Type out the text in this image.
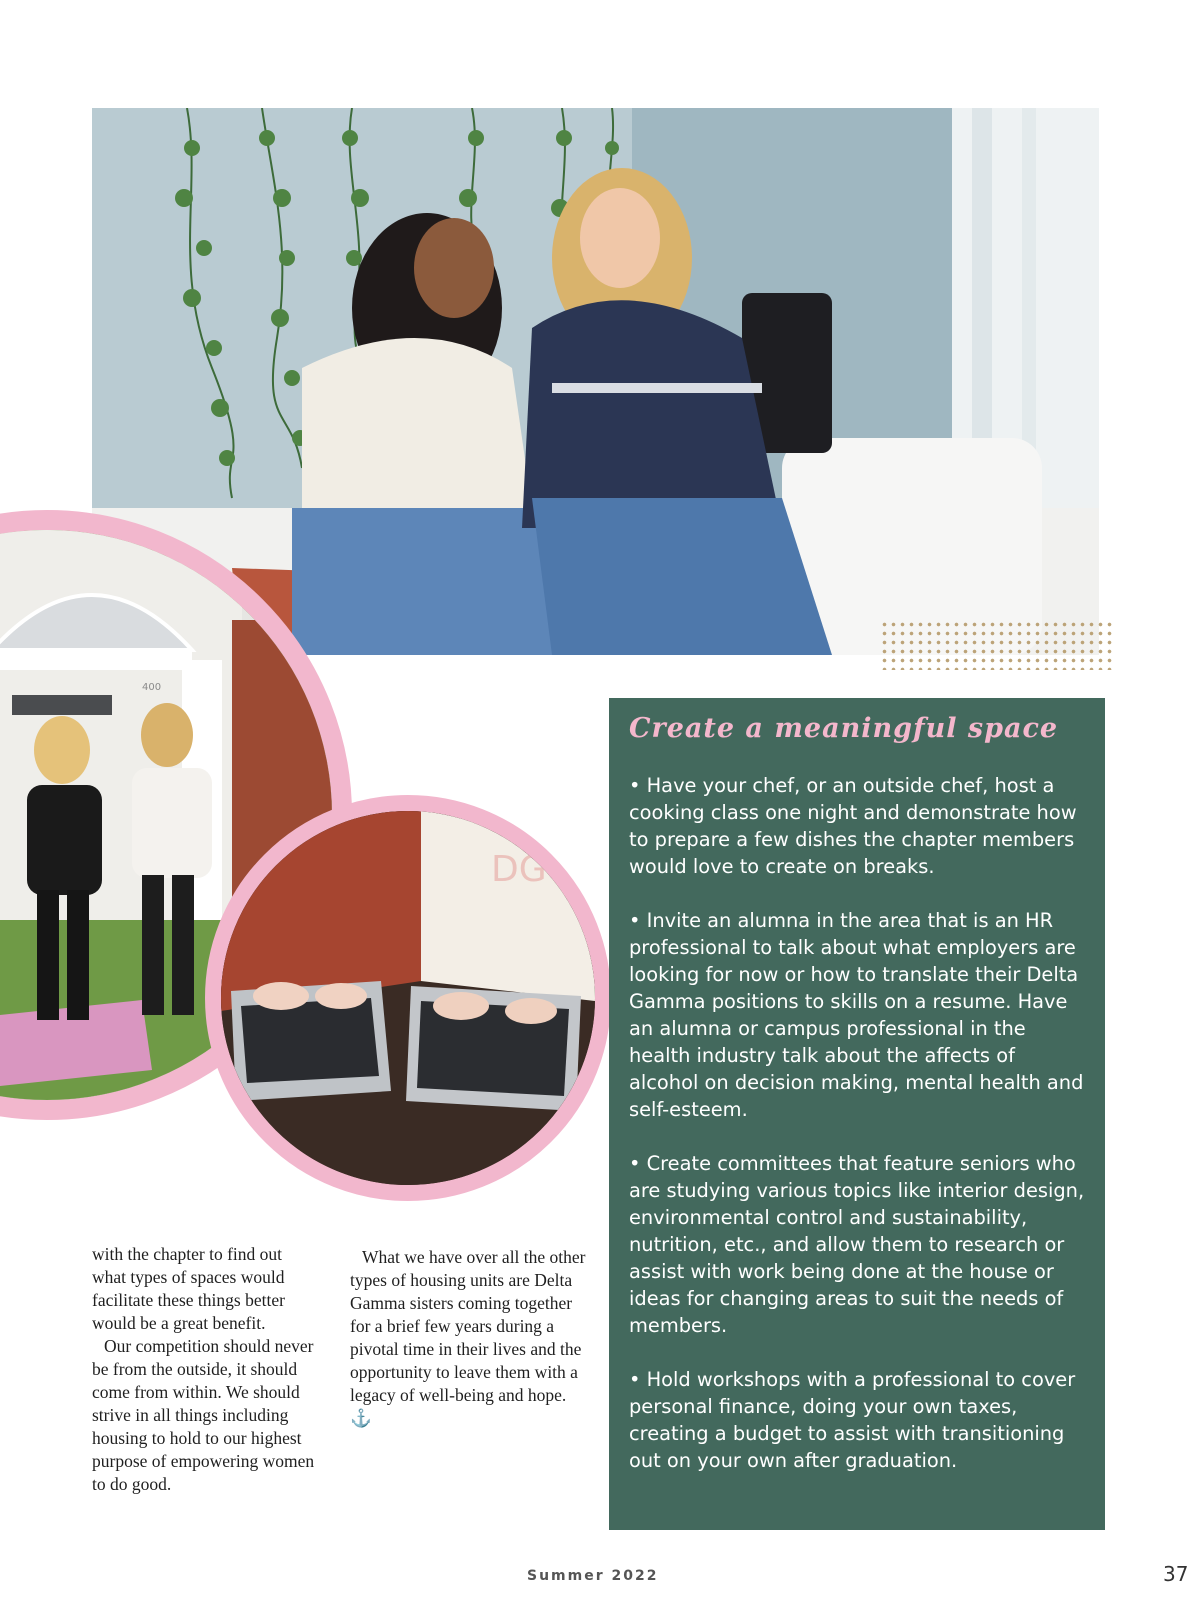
400
DG
Create a meaningful space

• Have your chef, or an outside chef, host a cooking class one night and demonstrate how to prepare a few dishes the chapter members would love to create on breaks.

• Invite an alumna in the area that is an HR professional to talk about what employers are looking for now or how to translate their Delta Gamma positions to skills on a resume. Have an alumna or campus professional in the health industry talk about the affects of alcohol on decision making, mental health and self-esteem.

• Create committees that feature seniors who are studying various topics like interior design, environmental control and sustainability, nutrition, etc., and allow them to research or assist with work being done at the house or ideas for changing areas to suit the needs of members.

• Hold workshops with a professional to cover personal finance, doing your own taxes, creating a budget to assist with transitioning out on your own after graduation.

with the chapter to find out what types of spaces would facilitate these things better would be a great benefit.

Our competition should never be from the outside, it should come from within. We should strive in all things including housing to hold to our highest purpose of empowering women to do good.

What we have over all the other types of housing units are Delta Gamma sisters coming together for a brief few years during a pivotal time in their lives and the opportunity to leave them with a legacy of well-being and hope. ⚓

Summer 2022	37
